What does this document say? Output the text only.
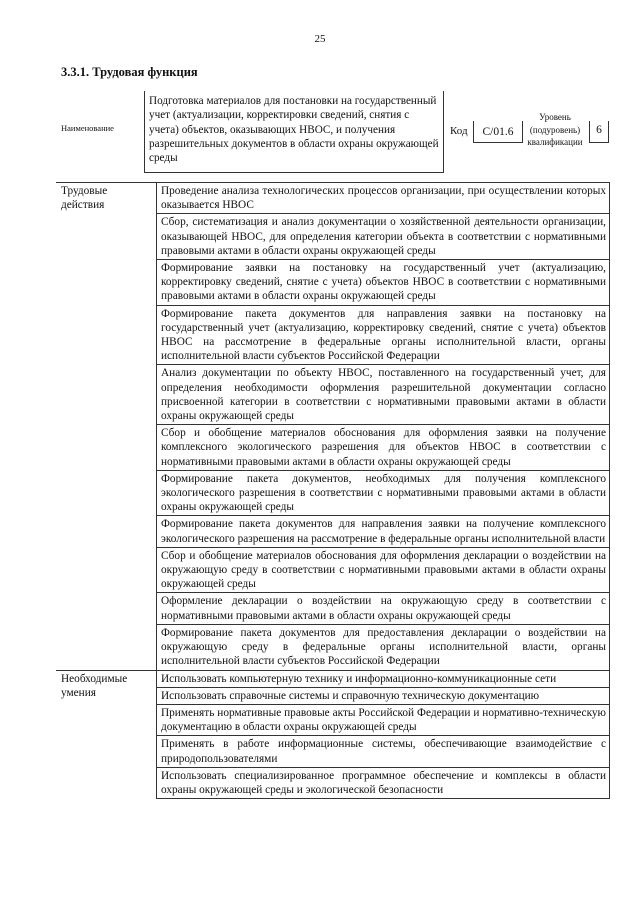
25
3.3.1. Трудовая функция
Наименование
Подготовка материалов для постановки на государственный учет (актуализации, корректировки сведений, снятия с учета) объектов, оказывающих НВОС, и получения разрешительных документов в области охраны окружающей среды
Код	C/01.6
Уровень (подуровень) квалификации
6
Трудовые действия	Проведение анализа технологических процессов организации, при осуществлении которых оказывается НВОС
	Сбор, систематизация и анализ документации о хозяйственной деятельности организации, оказывающей НВОС, для определения категории объекта в соответствии с нормативными правовыми актами в области охраны окружающей среды
	Формирование заявки на постановку на государственный учет (актуализацию, корректировку сведений, снятие с учета) объектов НВОС в соответствии с нормативными правовыми актами в области охраны окружающей среды
	Формирование пакета документов для направления заявки на постановку на государственный учет (актуализацию, корректировку сведений, снятие с учета) объектов НВОС на рассмотрение в федеральные органы исполнительной власти, органы исполнительной власти субъектов Российской Федерации
	Анализ документации по объекту НВОС, поставленного на государственный учет, для определения необходимости оформления разрешительной документации согласно присвоенной категории в соответствии с нормативными правовыми актами в области охраны окружающей среды
	Сбор и обобщение материалов обоснования для оформления заявки на получение комплексного экологического разрешения для объектов НВОС в соответствии с нормативными правовыми актами в области охраны окружающей среды
	Формирование пакета документов, необходимых для получения комплексного экологического разрешения в соответствии с нормативными правовыми актами в области охраны окружающей среды
	Формирование пакета документов для направления заявки на получение комплексного экологического разрешения на рассмотрение в федеральные органы исполнительной власти
	Сбор и обобщение материалов обоснования для оформления декларации о воздействии на окружающую среду в соответствии с нормативными правовыми актами в области охраны окружающей среды
	Оформление декларации о воздействии на окружающую среду в соответствии с нормативными правовыми актами в области охраны окружающей среды
	Формирование пакета документов для предоставления декларации о воздействии на окружающую среду в федеральные органы исполнительной власти, органы исполнительной власти субъектов Российской Федерации
Необходимые умения	Использовать компьютерную технику и информационно-коммуникационные сети
	Использовать справочные системы и справочную техническую документацию
	Применять нормативные правовые акты Российской Федерации и нормативно-техническую документацию в области охраны окружающей среды
	Применять в работе информационные системы, обеспечивающие взаимодействие с природопользователями
	Использовать специализированное программное обеспечение и комплексы в области охраны окружающей среды и экологической безопасности
